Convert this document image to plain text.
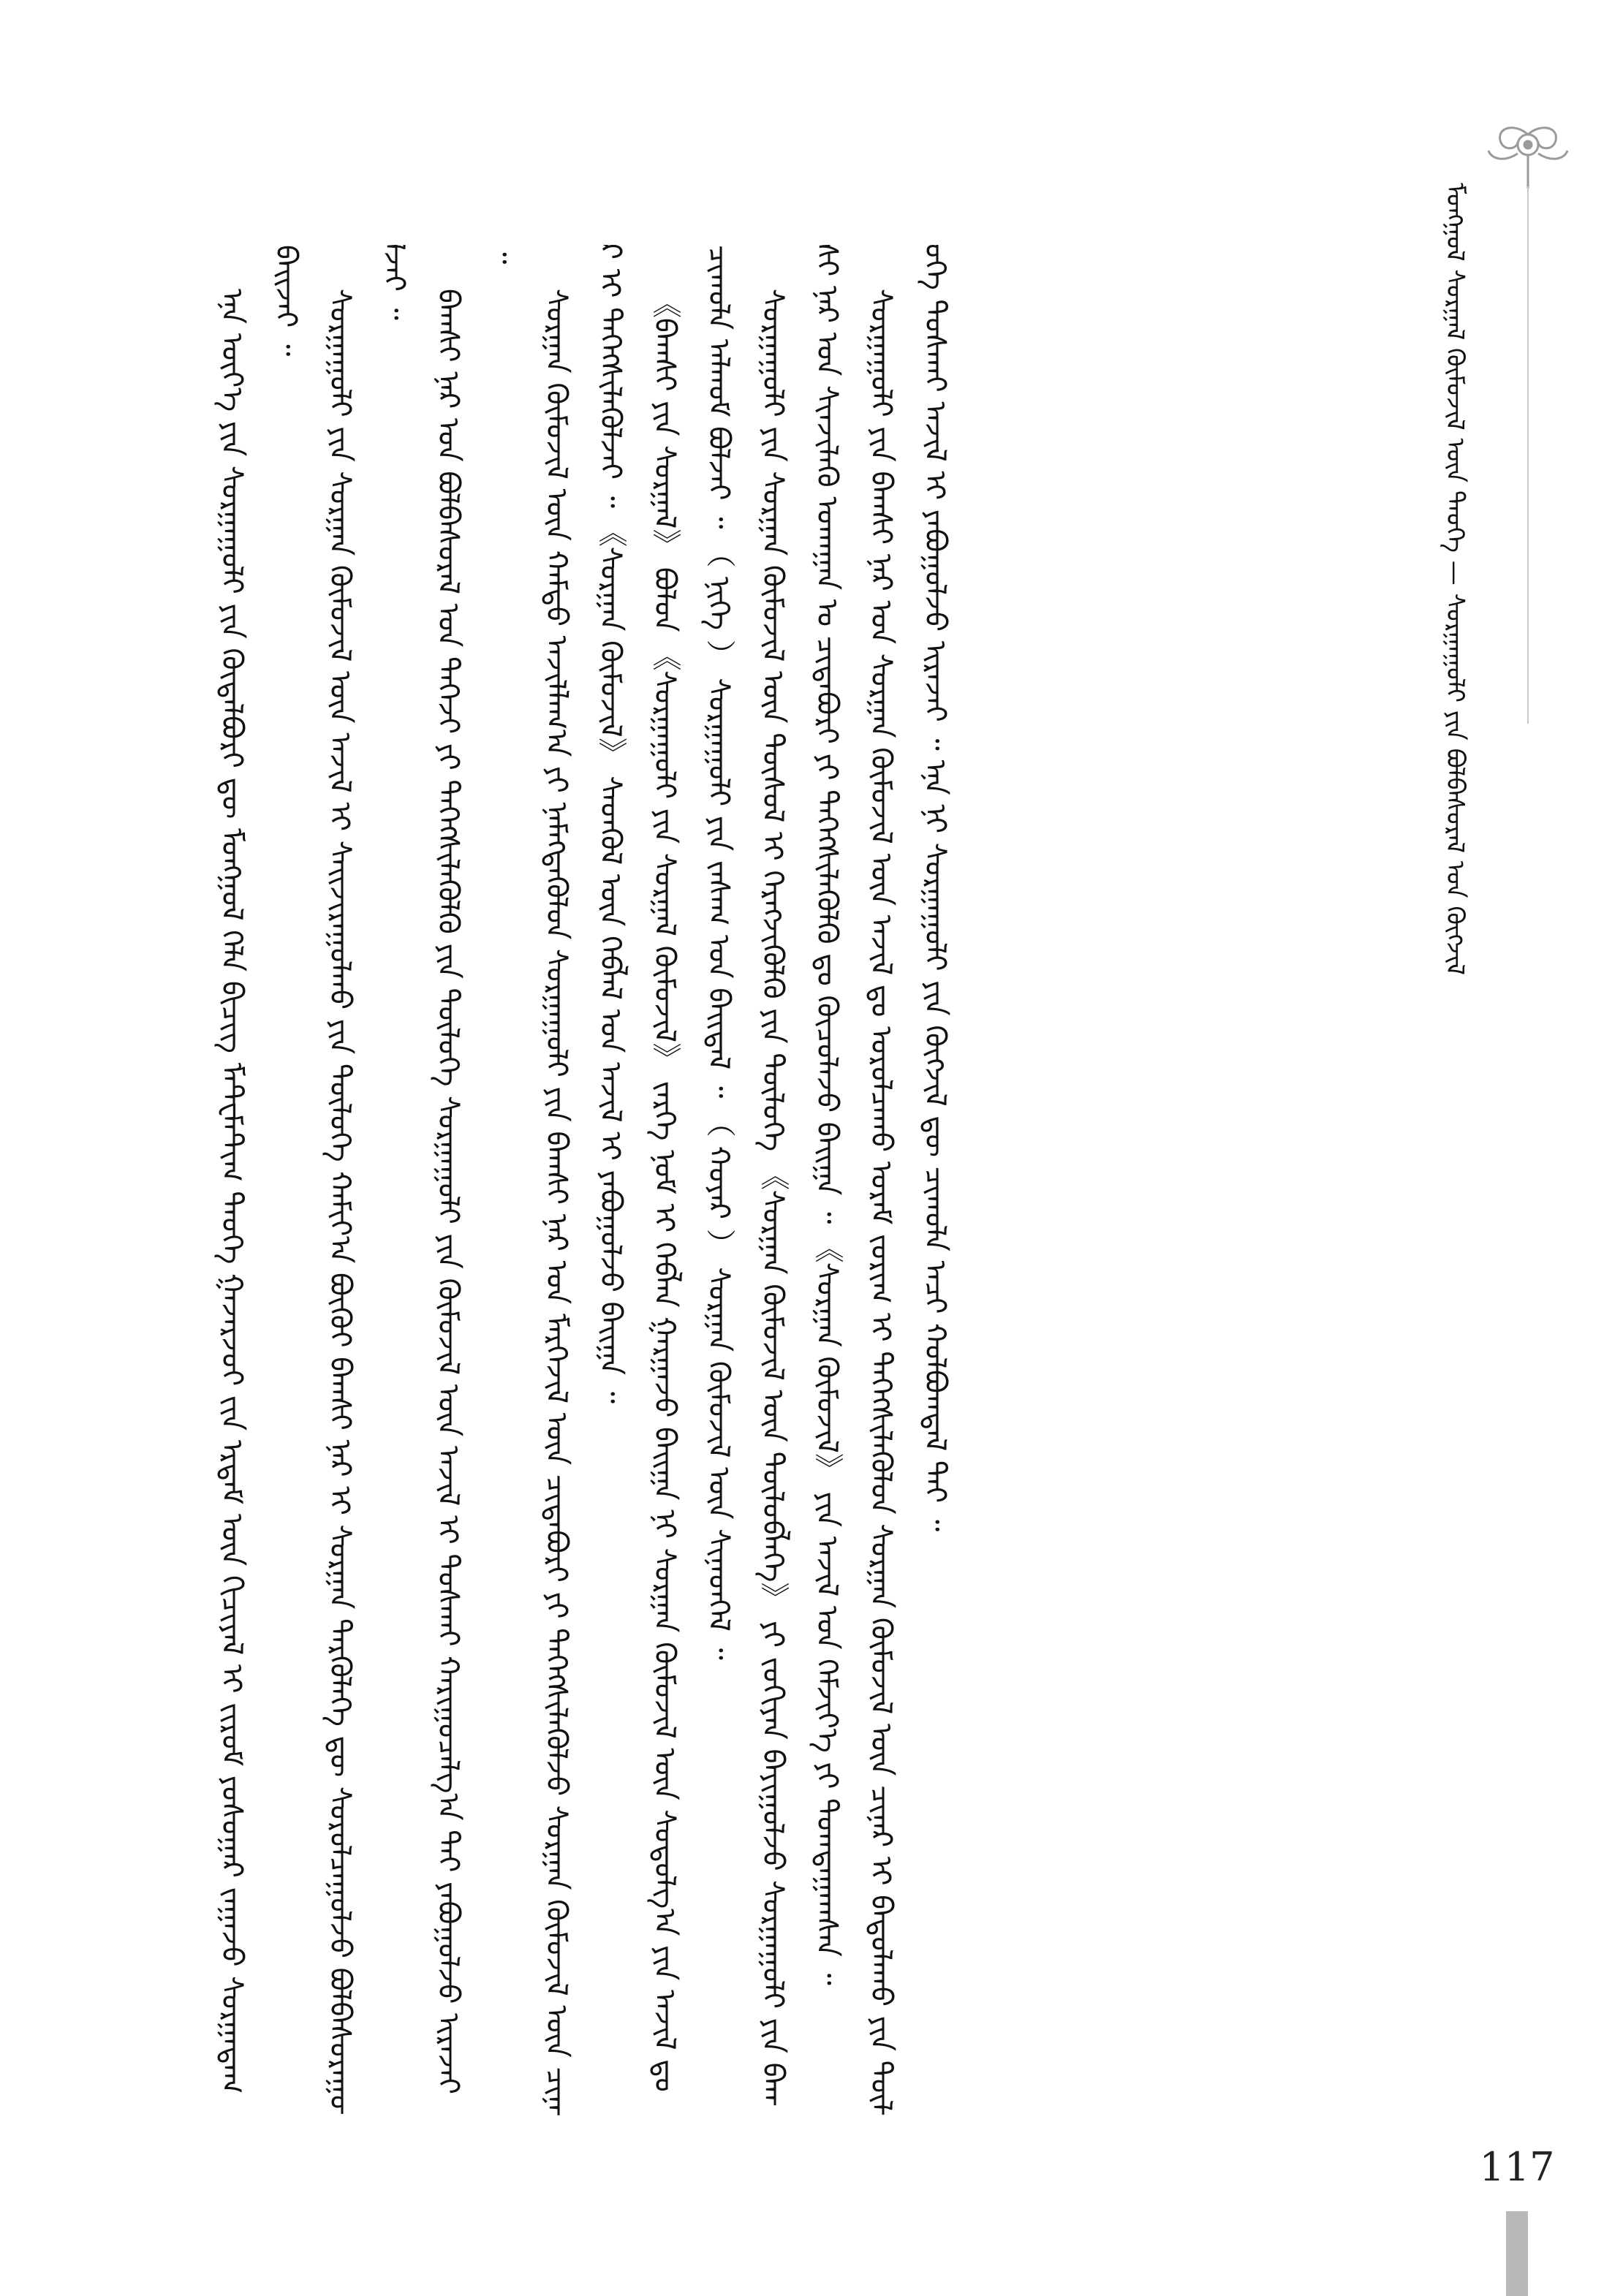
ᠮᠣᠩᠭᠤᠯ ᠰᠤᠷᠭᠠᠯ ᠬᠦᠮᠦᠵᠢᠯ ᠦᠨ ᠲᠡᠦᠬᠡ — ᠰᠤᠷᠭᠠᠭᠤᠯᠢ ᠶᠢᠨ ᠪᠣᠯᠪᠠᠰᠤᠷᠠᠯ ᠤᠨ ᠬᠥᠭᠵᠢᠯ

ᠡᠨᠡ ᠦᠶ᠎ᠡ ᠶᠢᠨ ᠰᠤᠷᠭᠠᠭᠤᠯᠢ ᠶᠢᠨ ᠬᠥᠲᠡᠯᠪᠦᠷᠢ ᠳᠦ ᠮᠣᠩᠭᠤᠯ ᠬᠡᠯᠡ ᠪᠢᠴᠢᠭ᠌ ᠮᠠᠲ᠋ᠧᠮᠠᠲ᠋ᠢᠭ ᠲᠡᠤᠬᠡ ᠭᠠᠵᠠᠷᠵᠦᠢ ᠵᠢᠨ ᠡᠷᠳᠡᠮ ᠦᠨ ᠬᠢᠴᠢᠶᠡᠯ ᠢ ᠵᠢᠷᠤᠮ ᠶᠣᠰᠤᠭᠠᠷ ᠵᠠᠭᠠᠵᠤ ᠰᠤᠷᠭᠠᠳᠠᠭ ᠪᠠᠢᠵᠠᠢ ᠃ ᠰᠤᠷᠭᠠᠭᠤᠯᠢ ᠶᠢᠨ ᠰᠤᠷᠭᠠᠨ ᠬᠥᠮᠦᠵᠢᠯ ᠦᠨ ᠠᠵᠢᠯ ᠢ ᠰᠠᠢᠵᠢᠷᠠᠭᠤᠯᠬᠤ ᠶᠢᠨ ᠲᠥᠯᠦᠭᠡ ᠬᠠᠮᠢᠶ᠎ᠠ ᠪᠦᠬᠦᠢ ᠪᠠᠭᠰᠢ ᠨᠠᠷ ᠢ ᠰᠤᠷᠭᠠᠨ ᠲᠡᠷᠭᠦᠯᠡᠭᠡ ᠳᠦ ᠰᠤᠷᠤᠯᠴᠠᠭᠤᠯᠵᠤ ᠪᠣᠯᠪᠠᠰᠤᠷᠠᠭᠤᠯᠵᠠᠢ ᠃

ᠪᠠᠭᠰᠢ ᠨᠠᠷ ᠤᠨ ᠪᠣᠯᠪᠠᠰᠤᠷᠠᠯ ᠤᠨ ᠳᠡᠭᠡᠵᠢ ᠶᠢ ᠳᠡᠭᠡᠭᠰᠢᠯᠡᠭᠦᠯᠬᠦ ᠶᠢᠨ ᠲᠥᠯᠦᠭᠡ ᠰᠤᠷᠭᠠᠭᠤᠯᠢ ᠶᠢᠨ ᠬᠥᠮᠦᠵᠢᠯ ᠦᠨ ᠠᠵᠢᠯ ᠢ ᠲᠤᠰᠬᠠᠢ ᠬᠠᠷᠢᠭᠤᠴᠠᠯᠭ᠎ᠠ ᠲᠠᠢ ᠶᠠᠪᠤᠭᠤᠯᠵᠤ ᠢᠷᠡᠵᠡᠢ ᠃

ᠰᠤᠷᠭᠠᠨ ᠬᠥᠮᠦᠵᠢᠯ ᠦᠨ ᠬᠠᠮᠲᠤ ᠠᠵᠢᠯᠯᠠᠭ᠎ᠠ ᠶᠢ ᠨᠡᠮᠡᠭᠳᠡᠭᠦᠯᠦᠨ ᠰᠤᠷᠭᠠᠭᠤᠯᠢ ᠶᠢᠨ ᠪᠠᠭᠰᠢ ᠨᠠᠷ ᠤᠨ ᠮᠡᠷᠭᠡᠵᠢᠯ ᠦᠨ ᠴᠢᠳᠠᠪᠤᠷᠢ ᠶᠢ ᠳᠡᠭᠡᠭᠰᠢᠯᠡᠭᠦᠯᠵᠦ ᠰᠤᠷᠭᠠᠨ ᠬᠥᠮᠦᠵᠢᠯ ᠦᠨ ᠴᠢᠨᠠᠷ ᠢ ᠳᠡᠭᠡᠭᠰᠢᠯᠡᠭᠦᠯᠵᠡᠢ ᠃ 《ᠰᠤᠷᠭᠠᠨ ᠬᠥᠮᠦᠵᠢᠯ》 ᠰᠡᠳᠬᠦᠯ ᠦᠨ ᠬᠡᠪᠯᠡᠯ ᠤᠨ ᠠᠵᠢᠯ ᠢ ᠶᠠᠪᠤᠭᠤᠯᠵᠤ ᠪᠠᠢᠭᠠ ᠃ 《ᠪᠠᠭᠰᠢ ᠶᠢᠨ ᠰᠤᠷᠭᠠᠯ》 ᠪᠣᠯᠤᠨ 《ᠰᠤᠷᠭᠠᠭᠤᠯᠢ ᠶᠢᠨ ᠰᠤᠷᠭᠠᠯ ᠬᠥᠮᠦᠵᠢᠯ》 ᠵᠡᠷᠭᠡ ᠨᠣᠮ ᠢ ᠬᠡᠪᠯᠡᠨ ᠭᠠᠷᠭᠠᠵᠤ ᠪᠠᠢᠭᠠ ᠨᠢ ᠰᠤᠷᠭᠠᠨ ᠬᠥᠮᠦᠵᠢᠯ ᠦᠨ ᠰᠤᠳᠤᠯᠭ᠎ᠠ ᠶᠢᠨ ᠠᠵᠢᠯ ᠳᠤ ᠴᠢᠬᠤᠯᠠ ᠠᠯᠬᠤᠮ ᠪᠣᠯᠵᠠᠢ ᠃ （ ᠨᠢᠭᠡ ） ᠰᠤᠷᠭᠠᠭᠤᠯᠢ ᠶᠢᠨ ᠵᠠᠰᠠᠭ ᠤᠨ ᠪᠠᠢᠳᠠᠯ ᠃ （ ᠬᠣᠶᠠᠷ ） ᠰᠤᠷᠭᠠᠨ ᠬᠥᠮᠦᠵᠢᠯ ᠦᠨ ᠰᠢᠨᠡᠳᠬᠡᠯ ᠃ ᠰᠤᠷᠭᠠᠭᠤᠯᠢ ᠶᠢᠨ ᠰᠤᠷᠭᠠᠨ ᠬᠥᠮᠦᠵᠢᠯ ᠦᠨ ᠲᠥᠰᠦᠯ ᠢ ᠬᠡᠷᠡᠭᠵᠢᠭᠦᠯᠬᠦ ᠶᠢᠨ ᠲᠥᠯᠦᠭᠡ 《ᠰᠤᠷᠭᠠᠨ ᠬᠥᠮᠦᠵᠢᠯ ᠦᠨ ᠲᠥᠯᠦᠪᠯᠡᠭᠡ》 ᠶᠢ ᠵᠣᠬᠢᠶᠠᠨ ᠪᠠᠶᠢᠭᠤᠯᠵᠤ ᠰᠤᠷᠭᠠᠭᠤᠯᠢ ᠶᠢᠨ ᠪᠠᠭᠰᠢ ᠨᠠᠷ ᠤᠨ ᠰᠢᠨᠵᠢᠯᠡᠬᠦ ᠤᠬᠠᠭᠠᠨ ᠤ ᠴᠢᠳᠠᠪᠤᠷᠢ ᠶᠢ ᠳᠡᠭᠡᠭᠰᠢᠯᠡᠭᠦᠯᠬᠦ ᠳᠤ ᠬᠦᠴᠦᠯᠡᠵᠦ ᠪᠠᠢᠭᠠ ᠃ 《ᠰᠤᠷᠭᠠᠨ ᠬᠥᠮᠦᠵᠢᠯ》 ᠶᠢᠨ ᠠᠵᠢᠯ ᠤᠨ ᠬᠡᠮᠵᠢᠶ᠎ᠡ ᠶᠢ ᠲᠣᠭᠲᠠᠭᠠᠭᠰᠠᠨ ᠃ ᠰᠤᠷᠭᠠᠭᠤᠯᠢ ᠶᠢᠨ ᠪᠠᠭᠰᠢ ᠨᠠᠷ ᠤᠨ ᠰᠤᠷᠭᠠᠨ ᠬᠥᠮᠦᠵᠢᠯ ᠦᠨ ᠠᠵᠢᠯ ᠳᠤ ᠣᠷᠣᠯᠴᠠᠬᠤ ᠤᠷᠠᠮ ᠵᠣᠷᠢᠭ ᠢ ᠳᠡᠭᠡᠭᠰᠢᠯᠡᠭᠦᠯᠦᠨ ᠰᠤᠷᠭᠠᠨ ᠬᠥᠮᠦᠵᠢᠯ ᠦᠨ ᠴᠢᠨᠠᠷ ᠢ ᠪᠠᠲᠤᠯᠠᠬᠤ ᠶᠢᠨ ᠲᠥᠯᠦᠭᠡ ᠲᠤᠰᠬᠠᠢ ᠠᠵᠢᠯ ᠢ ᠶᠠᠪᠤᠭᠤᠯᠵᠤ ᠢᠷᠡᠵᠡᠢ ᠃ ᠡᠨᠡ ᠨᠢ ᠰᠤᠷᠭᠠᠭᠤᠯᠢ ᠶᠢᠨ ᠬᠥᠭᠵᠢᠯ ᠳᠦ ᠴᠢᠬᠤᠯᠠ ᠠᠴᠢ ᠬᠣᠯᠪᠣᠭᠳᠠᠯ ᠲᠠᠢ ᠃

117
